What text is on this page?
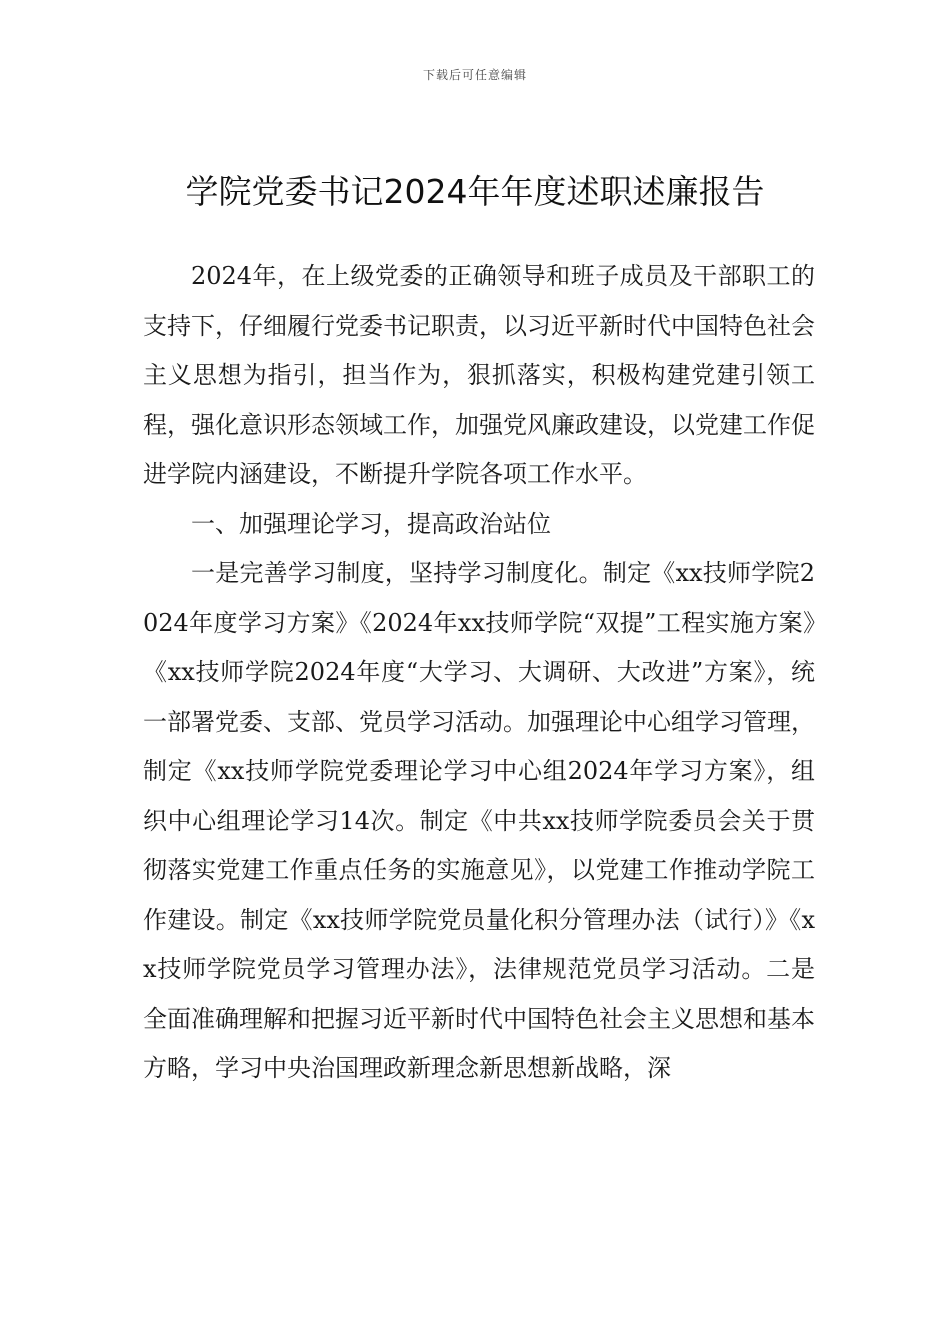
下载后可任意编辑
学院党委书记2024年年度述职述廉报告

2024年，在上级党委的正确领导和班子成员及干部职工的支持下，仔细履行党委书记职责，以习近平新时代中国特色社会主义思想为指引，担当作为，狠抓落实，积极构建党建引领工程，强化意识形态领域工作，加强党风廉政建设，以党建工作促进学院内涵建设，不断提升学院各项工作水平。

一、加强理论学习，提高政治站位

一是完善学习制度，坚持学习制度化。制定《xx技师学院2024年度学习方案》《2024年xx技师学院“双提”工程实施方案》《xx技师学院2024年度“大学习、大调研、大改进”方案》，统一部署党委、支部、党员学习活动。加强理论中心组学习管理，制定《xx技师学院党委理论学习中心组2024年学习方案》，组织中心组理论学习14次。制定《中共xx技师学院委员会关于贯彻落实党建工作重点任务的实施意见》，以党建工作推动学院工作建设。制定《xx技师学院党员量化积分管理办法（试行）》《xx技师学院党员学习管理办法》，法律规范党员学习活动。二是全面准确理解和把握习近平新时代中国特色社会主义思想和基本方略，学习中央治国理政新理念新思想新战略，深
